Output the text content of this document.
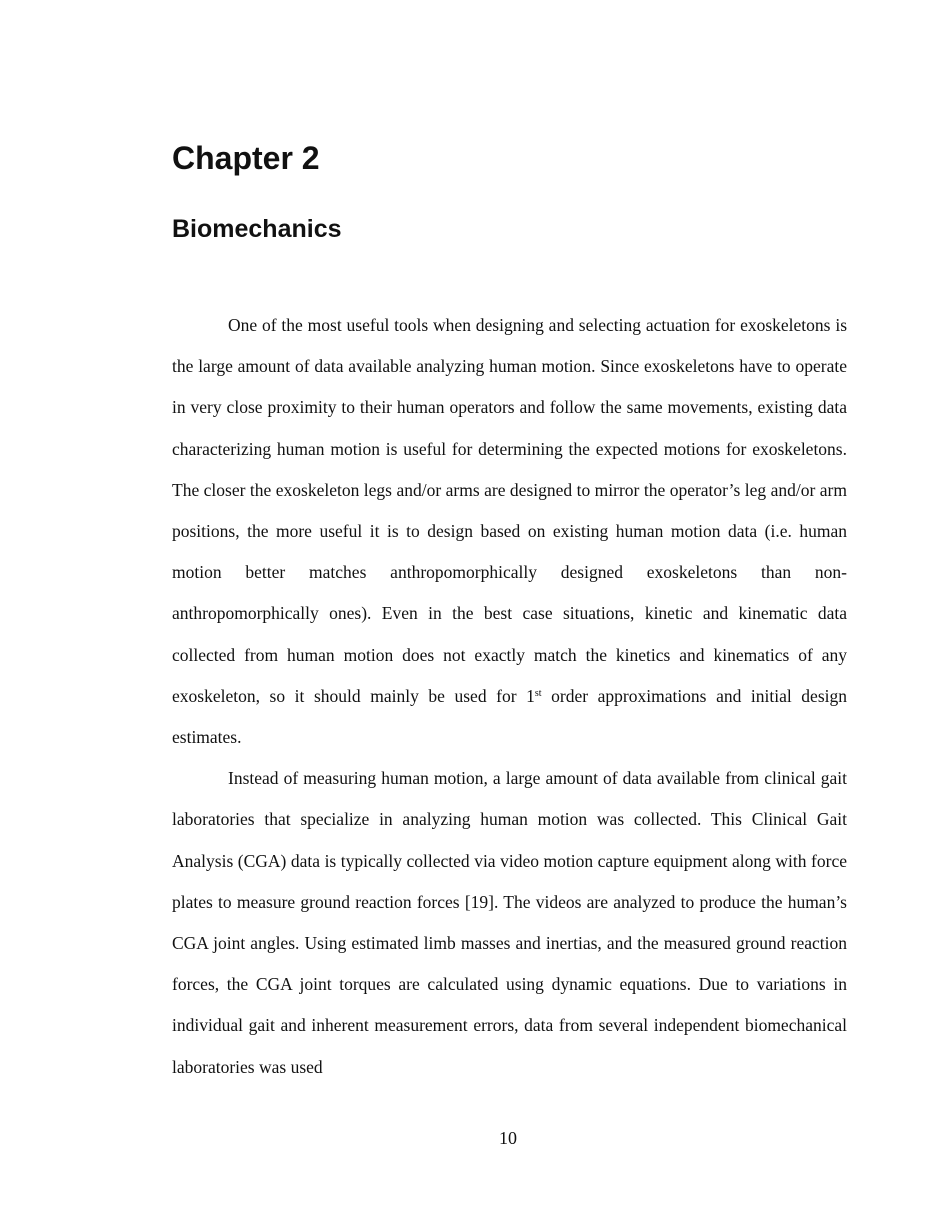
Chapter 2
Biomechanics

One of the most useful tools when designing and selecting actuation for exoskeletons is the large amount of data available analyzing human motion. Since exoskeletons have to operate in very close proximity to their human operators and follow the same movements, existing data characterizing human motion is useful for determining the expected motions for exoskeletons. The closer the exoskeleton legs and/or arms are designed to mirror the operator’s leg and/or arm positions, the more useful it is to design based on existing human motion data (i.e. human motion better matches anthropomorphically designed exoskeletons than non-anthropomorphically ones). Even in the best case situations, kinetic and kinematic data collected from human motion does not exactly match the kinetics and kinematics of any exoskeleton, so it should mainly be used for 1st order approximations and initial design estimates.

Instead of measuring human motion, a large amount of data available from clinical gait laboratories that specialize in analyzing human motion was collected. This Clinical Gait Analysis (CGA) data is typically collected via video motion capture equipment along with force plates to measure ground reaction forces [19]. The videos are analyzed to produce the human’s CGA joint angles. Using estimated limb masses and inertias, and the measured ground reaction forces, the CGA joint torques are calculated using dynamic equations. Due to variations in individual gait and inherent measurement errors, data from several independent biomechanical laboratories was used

10
